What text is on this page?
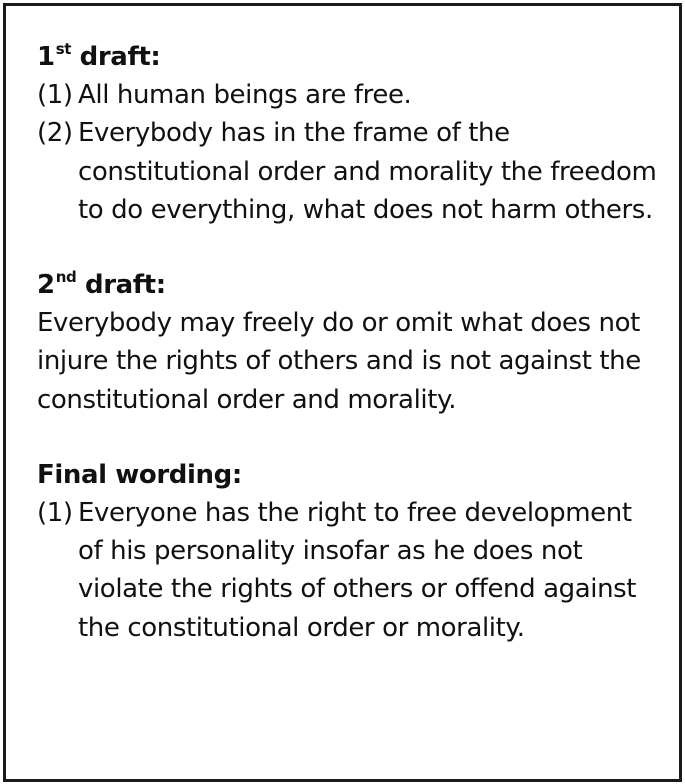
1st draft:

(1) All human beings are free.
(2) Everybody has in the frame of the constitutional order and morality the freedom to do everything, what does not harm others.

2nd draft:

Everybody may freely do or omit what does not injure the rights of others and is not against the constitutional order and morality.

Final wording:

(1) Everyone has the right to free development of his personality insofar as he does not violate the rights of others or offend against the constitutional order or morality.
